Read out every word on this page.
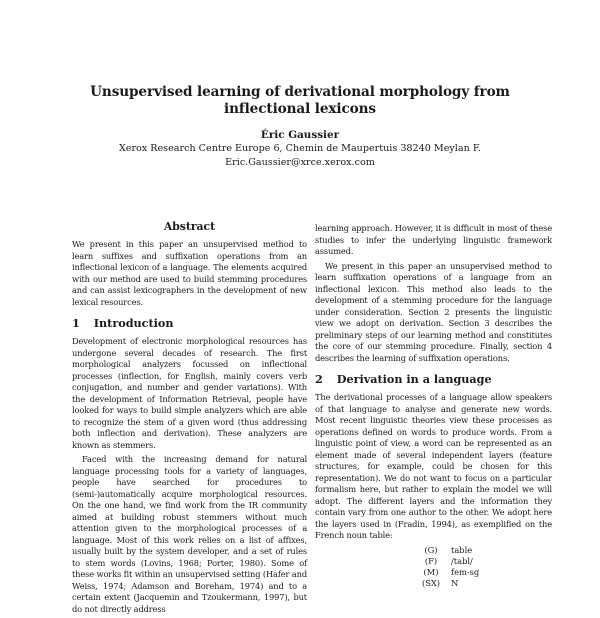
Unsupervised learning of derivational morphology from inflectional lexicons
Éric Gaussier
Xerox Research Centre Europe 6, Chemin de Maupertuis 38240 Meylan F.
Eric.Gaussier@xrce.xerox.com
Abstract

We present in this paper an unsupervised method to learn suffixes and suffixation operations from an inflectional lexicon of a language. The elements acquired with our method are used to build stemming procedures and can assist lexicographers in the development of new lexical resources.

1 Introduction

Development of electronic morphological resources has undergone several decades of research. The first morphological analyzers focussed on inflectional processes (inflection, for English, mainly covers verb conjugation, and number and gender variations). With the development of Information Retrieval, people have looked for ways to build simple analyzers which are able to recognize the stem of a given word (thus addressing both inflection and derivation). These analyzers are known as stemmers.

Faced with the increasing demand for natural language processing tools for a variety of languages, people have searched for procedures to (semi-)automatically acquire morphological resources. On the one hand, we find work from the IR community aimed at building robust stemmers without much attention given to the morphological processes of a language. Most of this work relies on a list of affixes, usually built by the system developer, and a set of rules to stem words (Lovins, 1968; Porter, 1980). Some of these works fit within an unsupervised setting (Hafer and Weiss, 1974; Adamson and Boreham, 1974) and to a certain extent (Jacquemin and Tzoukermann, 1997), but do not directly address

learning approach. However, it is difficult in most of these studies to infer the underlying linguistic framework assumed.

We present in this paper an unsupervised method to learn suffixation operations of a language from an inflectional lexicon. This method also leads to the development of a stemming procedure for the language under consideration. Section 2 presents the linguistic view we adopt on derivation. Section 3 describes the preliminary steps of our learning method and constitutes the core of our stemming procedure. Finally, section 4 describes the learning of suffixation operations.

2 Derivation in a language

The derivational processes of a language allow speakers of that language to analyse and generate new words. Most recent linguistic theories view these processes as operations defined on words to produce words. From a linguistic point of view, a word can be represented as an element made of several independent layers (feature structures, for example, could be chosen for this representation). We do not want to focus on a particular formalism here, but rather to explain the model we will adopt. The different layers and the information they contain vary from one author to the other. We adopt here the layers used in (Fradin, 1994), as exemplified on the French noun table:

(G)	table
(F)	/tabl/
(M)	fem-sg
(SX)	N
